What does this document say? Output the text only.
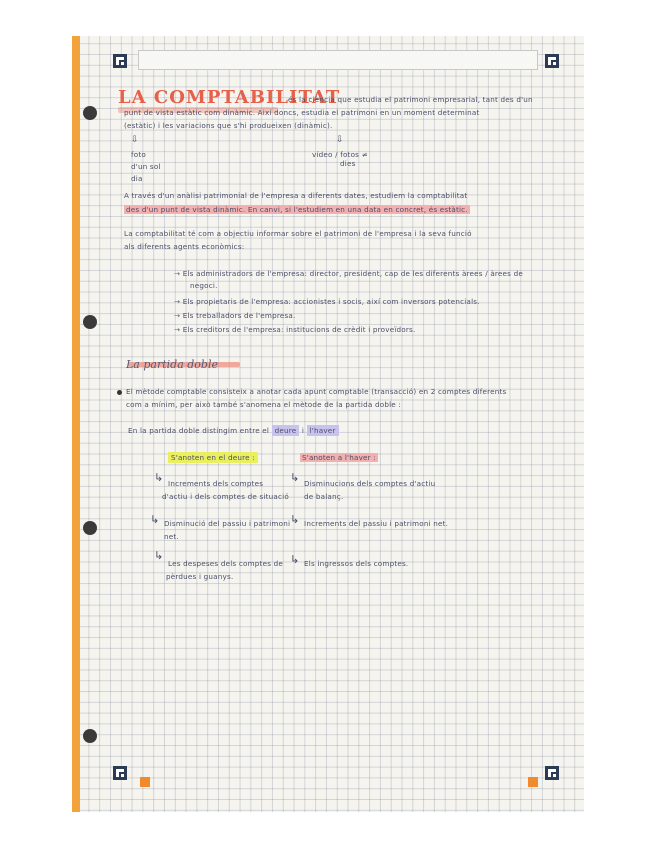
LA COMPTABILITAT
és la ciència que estudia el patrimoni empresarial, tant des d'un
punt de vista estàtic com dinàmic. Així doncs, estudia el patrimoni en un moment determinat
(estàtic) i les variacions que s'hi produeixen (dinàmic).
⇩
foto
d'un sol
dia
⇩
vídeo / fotos ≠
dies
A través d'un anàlisi patrimonial de l'empresa a diferents dates, estudiem la comptabilitat
des d'un punt de vista dinàmic. En canvi, si l'estudiem en una data en concret, és estàtic.
La comptabilitat té com a objectiu informar sobre el patrimoni de l'empresa i la seva funció
als diferents agents econòmics:
→ Els administradors de l'empresa: director, president, cap de les diferents àrees / àrees de
negoci.
→ Els propietaris de l'empresa: accionistes i socis, així com inversors potencials.
→ Els treballadors de l'empresa.
→ Els creditors de l'empresa: institucions de crèdit i proveïdors.
La partida doble
El mètode comptable consisteix a anotar cada apunt comptable (transacció) en 2 comptes diferents
com a mínim, per això també s'anomena el mètode de la partida doble :
En la partida doble distingim entre el deure i l'haver
S'anoten en el deure :
↳ Increments dels comptes
d'actiu i dels comptes de situació
↳ Disminució del passiu i patrimoni
net.
↳
Les despeses dels comptes de
pèrdues i guanys.
S'anoten a l'haver :
↳ Disminucions dels comptes d'actiu
de balanç.
↳ Increments del passiu i patrimoni net.
↳ Els ingressos dels comptes.
